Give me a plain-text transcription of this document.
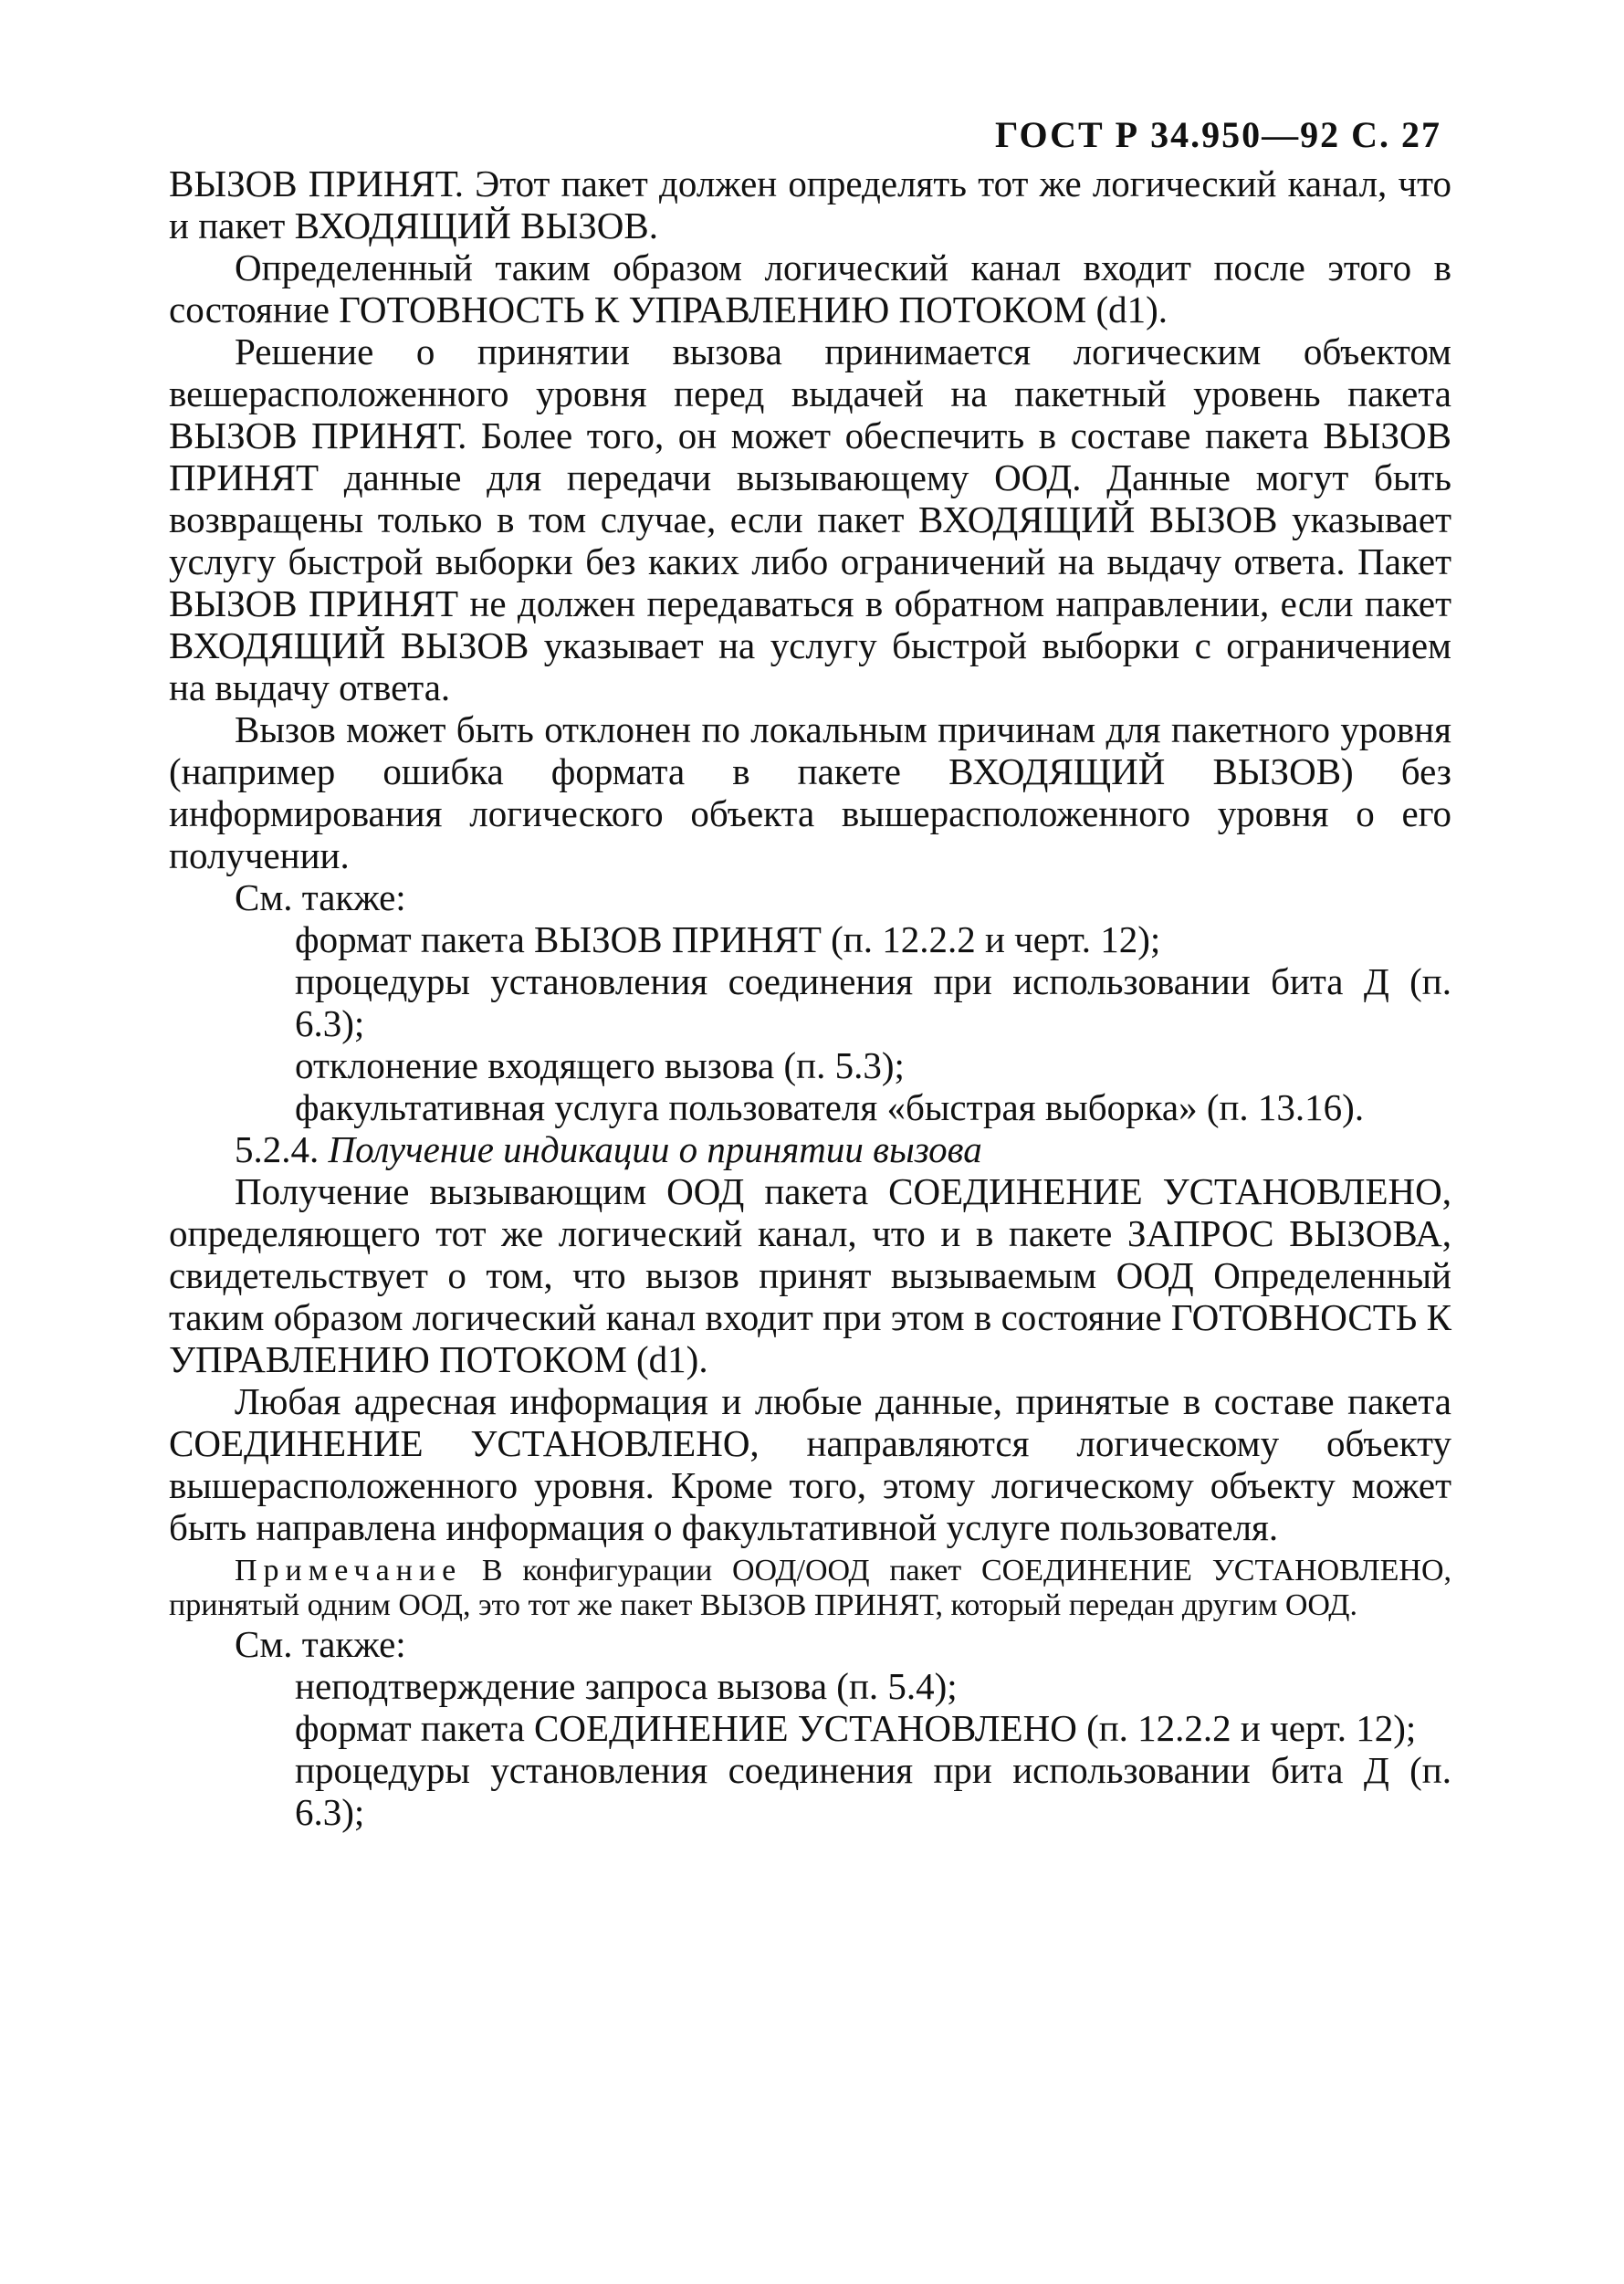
ГОСТ Р 34.950—92 С. 27

ВЫЗОВ ПРИНЯТ. Этот пакет должен определять тот же логический канал, что и пакет ВХОДЯЩИЙ ВЫЗОВ.

Определенный таким образом логический канал входит после этого в состояние ГОТОВНОСТЬ К УПРАВЛЕНИЮ ПОТОКОМ (d1).

Решение о принятии вызова принимается логическим объектом вешерасположенного уровня перед выдачей на пакетный уровень пакета ВЫЗОВ ПРИНЯТ. Более того, он может обеспечить в составе пакета ВЫЗОВ ПРИНЯТ данные для передачи вызывающему ООД. Данные могут быть возвращены только в том случае, если пакет ВХОДЯЩИЙ ВЫЗОВ указывает услугу быстрой выборки без каких либо ограничений на выдачу ответа. Пакет ВЫЗОВ ПРИНЯТ не должен передаваться в обратном направлении, если пакет ВХОДЯЩИЙ ВЫЗОВ указывает на услугу быстрой выборки с ограничением на выдачу ответа.

Вызов может быть отклонен по локальным причинам для пакетного уровня (например ошибка формата в пакете ВХОДЯЩИЙ ВЫЗОВ) без информирования логического объекта вышерасположенного уровня о его получении.

См. также:

формат пакета ВЫЗОВ ПРИНЯТ (п. 12.2.2 и черт. 12);

процедуры установления соединения при использовании бита Д (п. 6.3);

отклонение входящего вызова (п. 5.3);

факультативная услуга пользователя «быстрая выборка» (п. 13.16).

5.2.4. Получение индикации о принятии вызова

Получение вызывающим ООД пакета СОЕДИНЕНИЕ УСТАНОВЛЕНО, определяющего тот же логический канал, что и в пакете ЗАПРОС ВЫЗОВА, свидетельствует о том, что вызов принят вызываемым ООД Определенный таким образом логический канал входит при этом в состояние ГОТОВНОСТЬ К УПРАВЛЕНИЮ ПОТОКОМ (d1).

Любая адресная информация и любые данные, принятые в составе пакета СОЕДИНЕНИЕ УСТАНОВЛЕНО, направляются логическому объекту вышерасположенного уровня. Кроме того, этому логическому объекту может быть направлена информация о факультативной услуге пользователя.

Примечание В конфигурации ООД/ООД пакет СОЕДИНЕНИЕ УСТАНОВЛЕНО, принятый одним ООД, это тот же пакет ВЫЗОВ ПРИНЯТ, который передан другим ООД.

См. также:

неподтверждение запроса вызова (п. 5.4);

формат пакета СОЕДИНЕНИЕ УСТАНОВЛЕНО (п. 12.2.2 и черт. 12);

процедуры установления соединения при использовании бита Д (п. 6.3);
